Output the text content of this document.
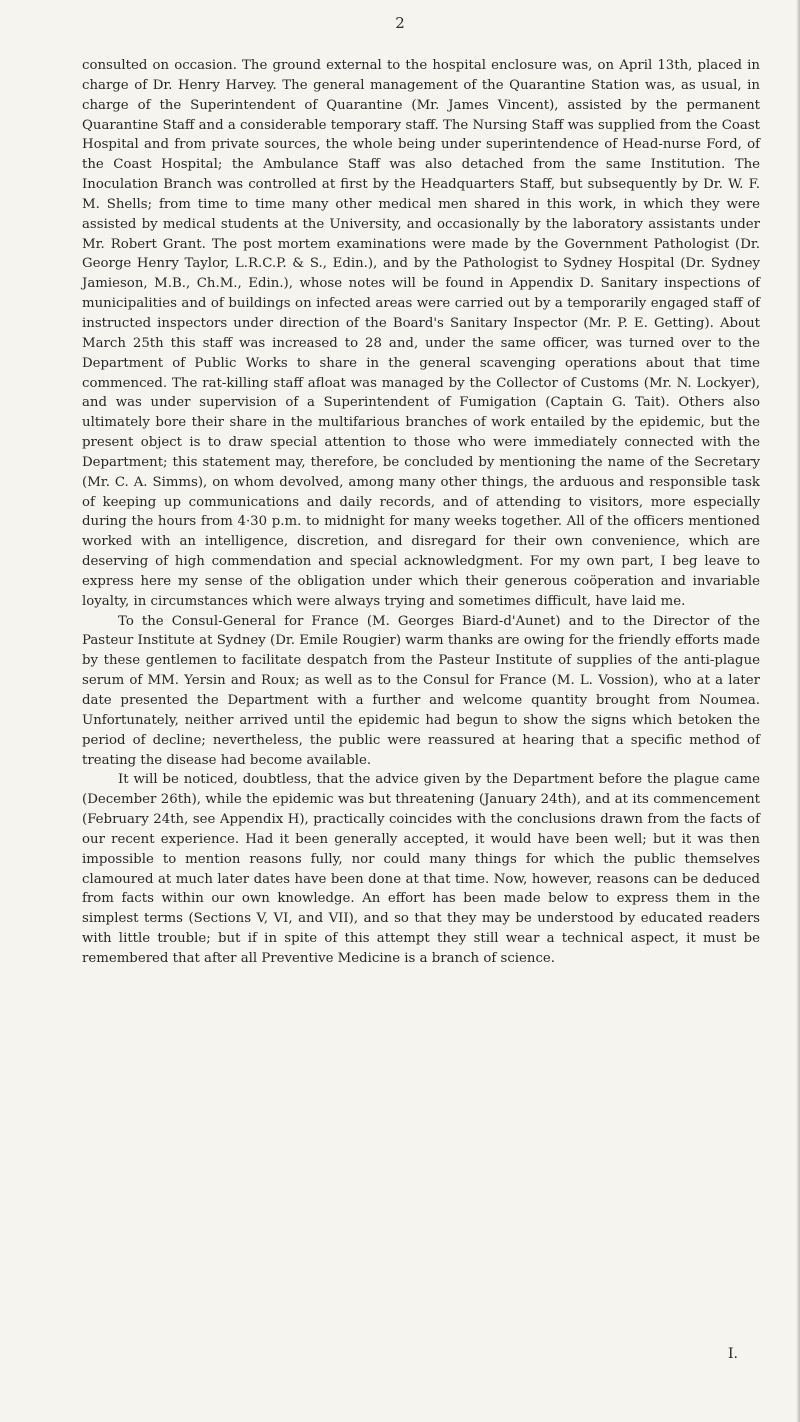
2

consulted on occasion. The ground external to the hospital enclosure was, on April 13th, placed in charge of Dr. Henry Harvey. The general management of the Quarantine Station was, as usual, in charge of the Superintendent of Quarantine (Mr. James Vincent), assisted by the permanent Quarantine Staff and a considerable temporary staff. The Nursing Staff was supplied from the Coast Hospital and from private sources, the whole being under superintendence of Head-nurse Ford, of the Coast Hospital; the Ambulance Staff was also detached from the same Institution. The Inoculation Branch was controlled at first by the Headquarters Staff, but subsequently by Dr. W. F. M. Shells; from time to time many other medical men shared in this work, in which they were assisted by medical students at the University, and occasionally by the laboratory assistants under Mr. Robert Grant. The post mortem examinations were made by the Government Pathologist (Dr. George Henry Taylor, L.R.C.P. & S., Edin.), and by the Pathologist to Sydney Hospital (Dr. Sydney Jamieson, M.B., Ch.M., Edin.), whose notes will be found in Appendix D. Sanitary inspections of municipalities and of buildings on infected areas were carried out by a temporarily engaged staff of instructed inspectors under direction of the Board's Sanitary Inspector (Mr. P. E. Getting). About March 25th this staff was increased to 28 and, under the same officer, was turned over to the Department of Public Works to share in the general scavenging operations about that time commenced. The rat-killing staff afloat was managed by the Collector of Customs (Mr. N. Lockyer), and was under supervision of a Superintendent of Fumigation (Captain G. Tait). Others also ultimately bore their share in the multifarious branches of work entailed by the epidemic, but the present object is to draw special attention to those who were immediately connected with the Department; this statement may, therefore, be concluded by mentioning the name of the Secretary (Mr. C. A. Simms), on whom devolved, among many other things, the arduous and responsible task of keeping up communications and daily records, and of attending to visitors, more especially during the hours from 4·30 p.m. to midnight for many weeks together. All of the officers mentioned worked with an intelligence, discretion, and disregard for their own convenience, which are deserving of high commendation and special acknowledgment. For my own part, I beg leave to express here my sense of the obligation under which their generous coöperation and invariable loyalty, in circumstances which were always trying and sometimes difficult, have laid me.

To the Consul-General for France (M. Georges Biard-d'Aunet) and to the Director of the Pasteur Institute at Sydney (Dr. Emile Rougier) warm thanks are owing for the friendly efforts made by these gentlemen to facilitate despatch from the Pasteur Institute of supplies of the anti-plague serum of MM. Yersin and Roux; as well as to the Consul for France (M. L. Vossion), who at a later date presented the Department with a further and welcome quantity brought from Noumea. Unfortunately, neither arrived until the epidemic had begun to show the signs which betoken the period of decline; nevertheless, the public were reassured at hearing that a specific method of treating the disease had become available.

It will be noticed, doubtless, that the advice given by the Department before the plague came (December 26th), while the epidemic was but threatening (January 24th), and at its commencement (February 24th, see Appendix H), practically coincides with the conclusions drawn from the facts of our recent experience. Had it been generally accepted, it would have been well; but it was then impossible to mention reasons fully, nor could many things for which the public themselves clamoured at much later dates have been done at that time. Now, however, reasons can be deduced from facts within our own knowledge. An effort has been made below to express them in the simplest terms (Sections V, VI, and VII), and so that they may be understood by educated readers with little trouble; but if in spite of this attempt they still wear a technical aspect, it must be remembered that after all Preventive Medicine is a branch of science.

I.
